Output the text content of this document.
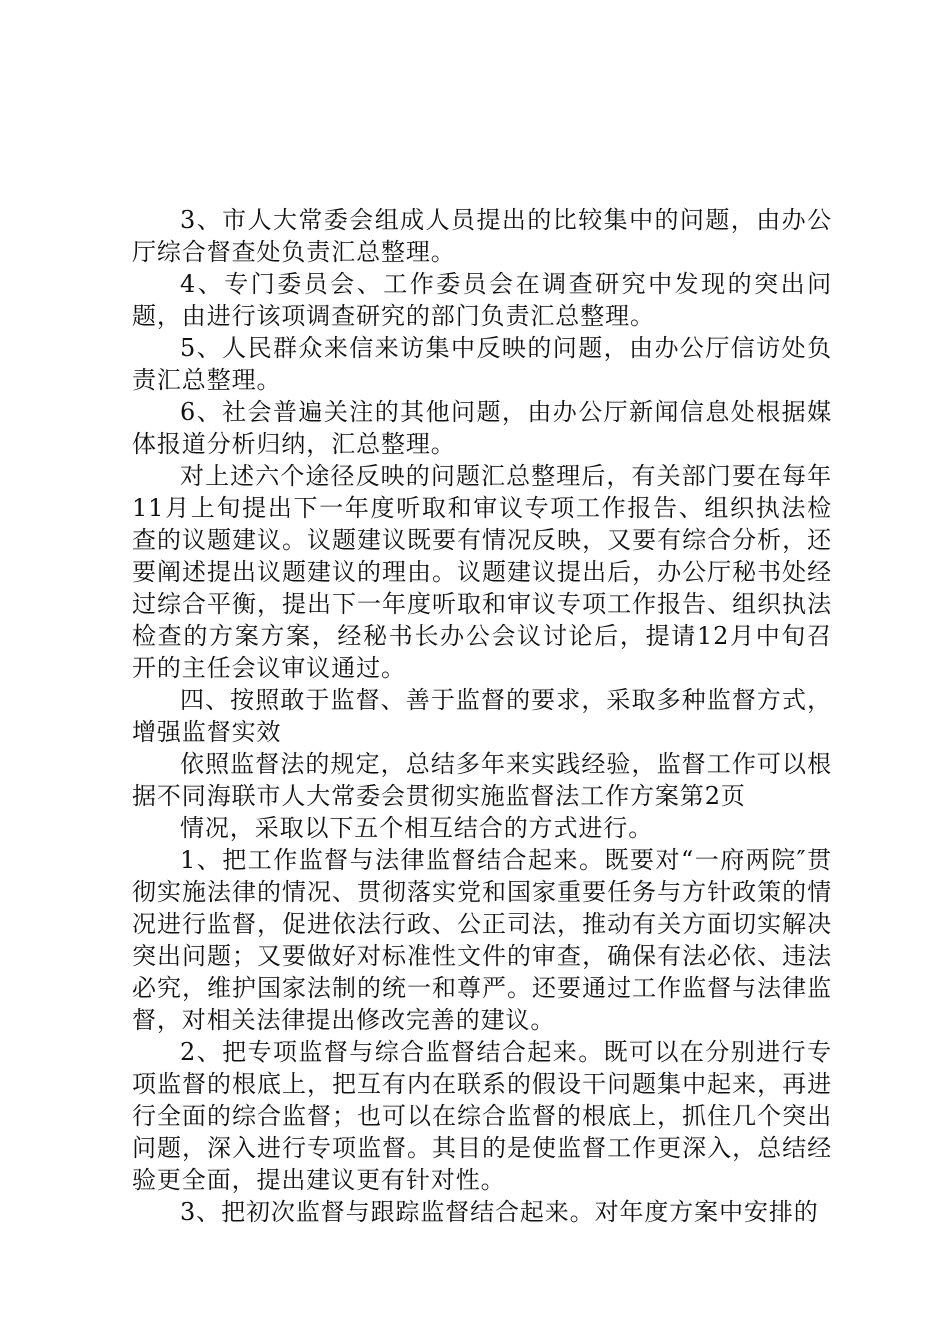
3、市人大常委会组成人员提出的比较集中的问题，由办公厅综合督查处负责汇总整理。

4、专门委员会、工作委员会在调查研究中发现的突出问题，由进行该项调查研究的部门负责汇总整理。

5、人民群众来信来访集中反映的问题，由办公厅信访处负责汇总整理。

6、社会普遍关注的其他问题，由办公厅新闻信息处根据媒体报道分析归纳，汇总整理。

对上述六个途径反映的问题汇总整理后，有关部门要在每年11月上旬提出下一年度听取和审议专项工作报告、组织执法检查的议题建议。议题建议既要有情况反映，又要有综合分析，还要阐述提出议题建议的理由。议题建议提出后，办公厅秘书处经过综合平衡，提出下一年度听取和审议专项工作报告、组织执法检查的方案方案，经秘书长办公会议讨论后，提请12月中旬召开的主任会议审议通过。

四、按照敢于监督、善于监督的要求，采取多种监督方式，增强监督实效

依照监督法的规定，总结多年来实践经验，监督工作可以根据不同海联市人大常委会贯彻实施监督法工作方案第2页

情况，采取以下五个相互结合的方式进行。

1、把工作监督与法律监督结合起来。既要对“一府两院″贯彻实施法律的情况、贯彻落实党和国家重要任务与方针政策的情况进行监督，促进依法行政、公正司法，推动有关方面切实解决突出问题；又要做好对标准性文件的审查，确保有法必依、违法必究，维护国家法制的统一和尊严。还要通过工作监督与法律监督，对相关法律提出修改完善的建议。

2、把专项监督与综合监督结合起来。既可以在分别进行专项监督的根底上，把互有内在联系的假设干问题集中起来，再进行全面的综合监督；也可以在综合监督的根底上，抓住几个突出问题，深入进行专项监督。其目的是使监督工作更深入，总结经验更全面，提出建议更有针对性。

3、把初次监督与跟踪监督结合起来。对年度方案中安排的
